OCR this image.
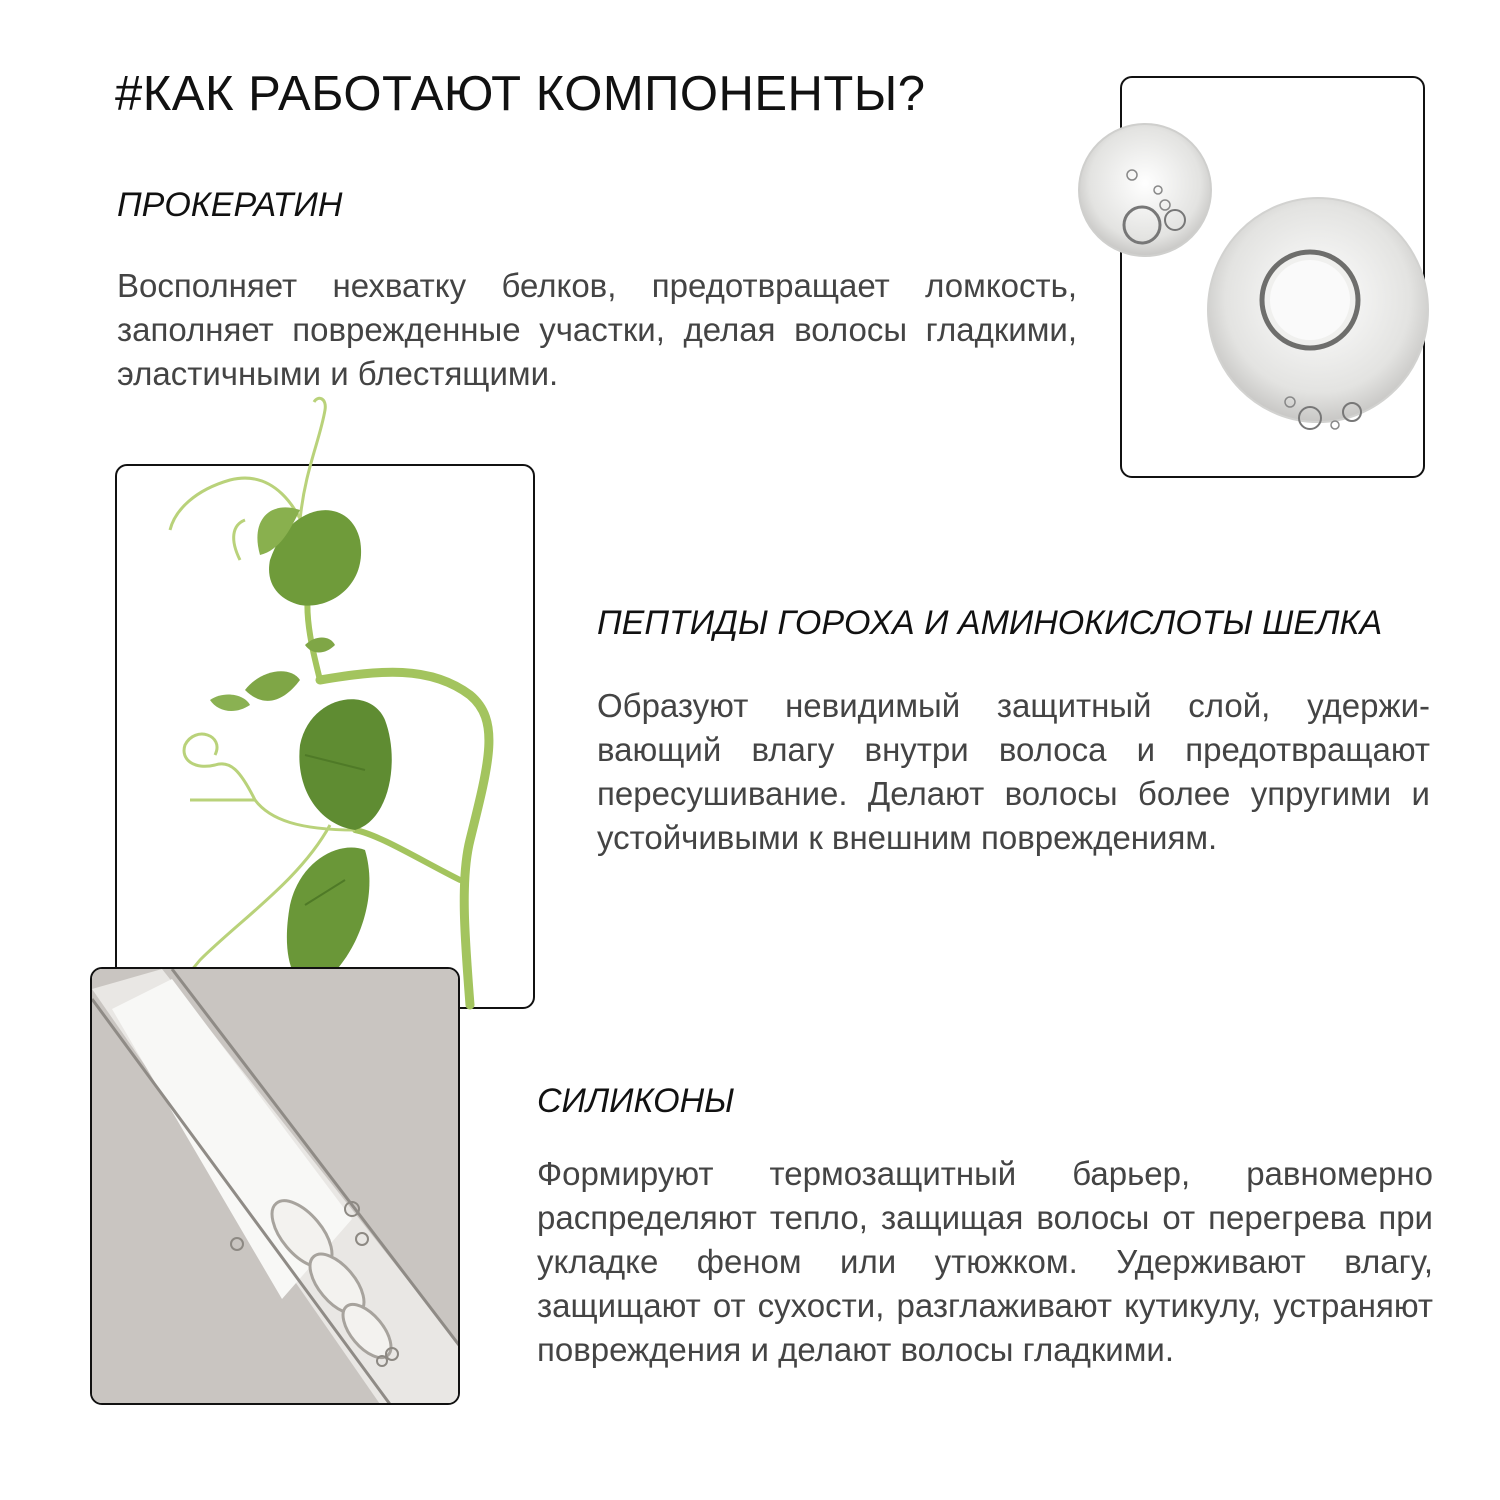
#КАК РАБОТАЮТ КОМПОНЕНТЫ?
ПРОКЕРАТИН

Восполняет нехватку белков, предотвращает ломкость, заполняет поврежденные участки, делая волосы гладкими, эластичными и блестящими.

ПЕПТИДЫ ГОРОХА И АМИНОКИСЛОТЫ ШЕЛКА

Образуют невидимый защитный слой, удерживающий влагу внутри волоса и предотвращают пересушивание. Делают волосы более упругими и устойчивыми к внешним повреждениям.

СИЛИКОНЫ

Формируют термозащитный барьер, равномерно распределяют тепло, защищая волосы от перегрева при укладке феном или утюжком. Удерживают влагу, защищают от сухости, разглаживают кутикулу, устраняют повреждения и делают волосы гладкими.
